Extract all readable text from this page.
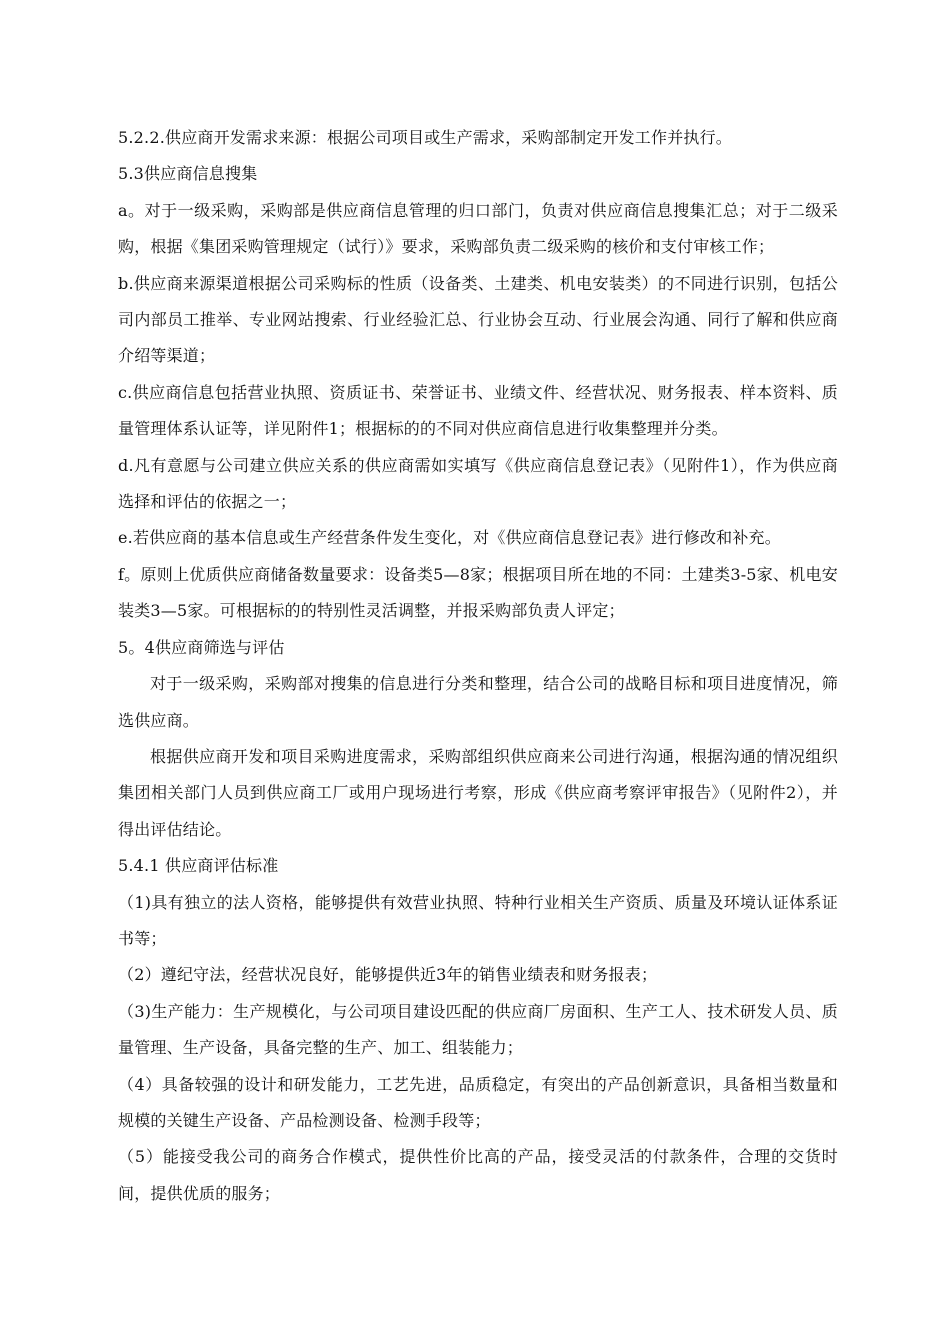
5.2.2.供应商开发需求来源：根据公司项目或生产需求，采购部制定开发工作并执行。

5.3供应商信息搜集

a。对于一级采购，采购部是供应商信息管理的归口部门，负责对供应商信息搜集汇总；对于二级采购，根据《集团采购管理规定（试行）》要求，采购部负责二级采购的核价和支付审核工作；

b.供应商来源渠道根据公司采购标的性质（设备类、土建类、机电安装类）的不同进行识别，包括公司内部员工推举、专业网站搜索、行业经验汇总、行业协会互动、行业展会沟通、同行了解和供应商介绍等渠道；

c.供应商信息包括营业执照、资质证书、荣誉证书、业绩文件、经营状况、财务报表、样本资料、质量管理体系认证等，详见附件1；根据标的的不同对供应商信息进行收集整理并分类。

d.凡有意愿与公司建立供应关系的供应商需如实填写《供应商信息登记表》（见附件1），作为供应商选择和评估的依据之一；

e.若供应商的基本信息或生产经营条件发生变化，对《供应商信息登记表》进行修改和补充。

f。原则上优质供应商储备数量要求：设备类5—8家；根据项目所在地的不同：土建类3-5家、机电安装类3—5家。可根据标的的特别性灵活调整，并报采购部负责人评定；

5。4供应商筛选与评估

对于一级采购，采购部对搜集的信息进行分类和整理，结合公司的战略目标和项目进度情况，筛选供应商。

根据供应商开发和项目采购进度需求，采购部组织供应商来公司进行沟通，根据沟通的情况组织集团相关部门人员到供应商工厂或用户现场进行考察，形成《供应商考察评审报告》（见附件2），并得出评估结论。

5.4.1 供应商评估标准

（1)具有独立的法人资格，能够提供有效营业执照、特种行业相关生产资质、质量及环境认证体系证书等；

（2）遵纪守法，经营状况良好，能够提供近3年的销售业绩表和财务报表；

（3)生产能力：生产规模化，与公司项目建设匹配的供应商厂房面积、生产工人、技术研发人员、质量管理、生产设备，具备完整的生产、加工、组装能力；

（4）具备较强的设计和研发能力，工艺先进，品质稳定，有突出的产品创新意识，具备相当数量和规模的关键生产设备、产品检测设备、检测手段等；

（5）能接受我公司的商务合作模式，提供性价比高的产品，接受灵活的付款条件，合理的交货时间，提供优质的服务；
